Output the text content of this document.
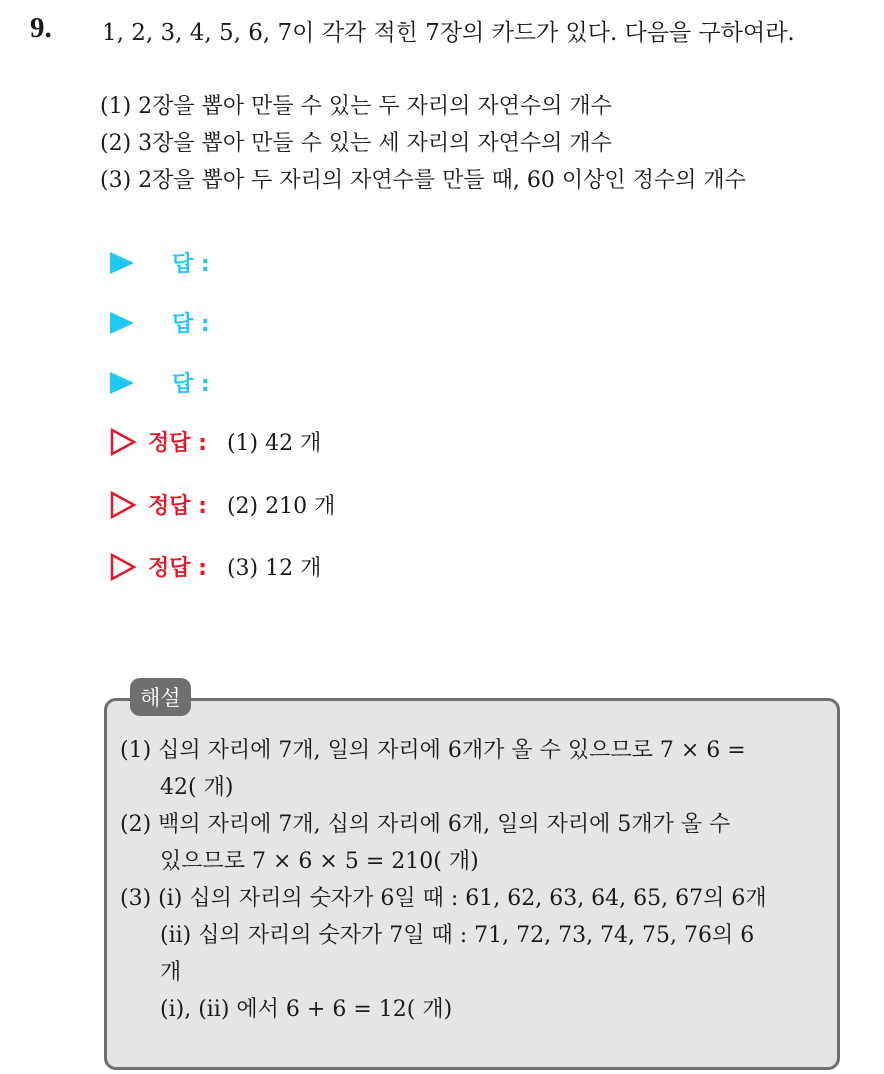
9. 1, 2, 3, 4, 5, 6, 7이 각각 적힌 7장의 카드가 있다. 다음을 구하여라.
(1) 2장을 뽑아 만들 수 있는 두 자리의 자연수의 개수
(2) 3장을 뽑아 만들 수 있는 세 자리의 자연수의 개수
(3) 2장을 뽑아 두 자리의 자연수를 만들 때, 60 이상인 정수의 개수
답 :
답 :
답 :
정답 : (1) 42 개
정답 : (2) 210 개
정답 : (3) 12 개
해설
(1) 십의 자리에 7개, 일의 자리에 6개가 올 수 있으므로 7 × 6 =
42( 개)
(2) 백의 자리에 7개, 십의 자리에 6개, 일의 자리에 5개가 올 수
있으므로 7 × 6 × 5 = 210( 개)
(3) (i) 십의 자리의 숫자가 6일 때 : 61, 62, 63, 64, 65, 67의 6개
(ii) 십의 자리의 숫자가 7일 때 : 71, 72, 73, 74, 75, 76의 6
개
(i), (ii) 에서 6 + 6 = 12( 개)
